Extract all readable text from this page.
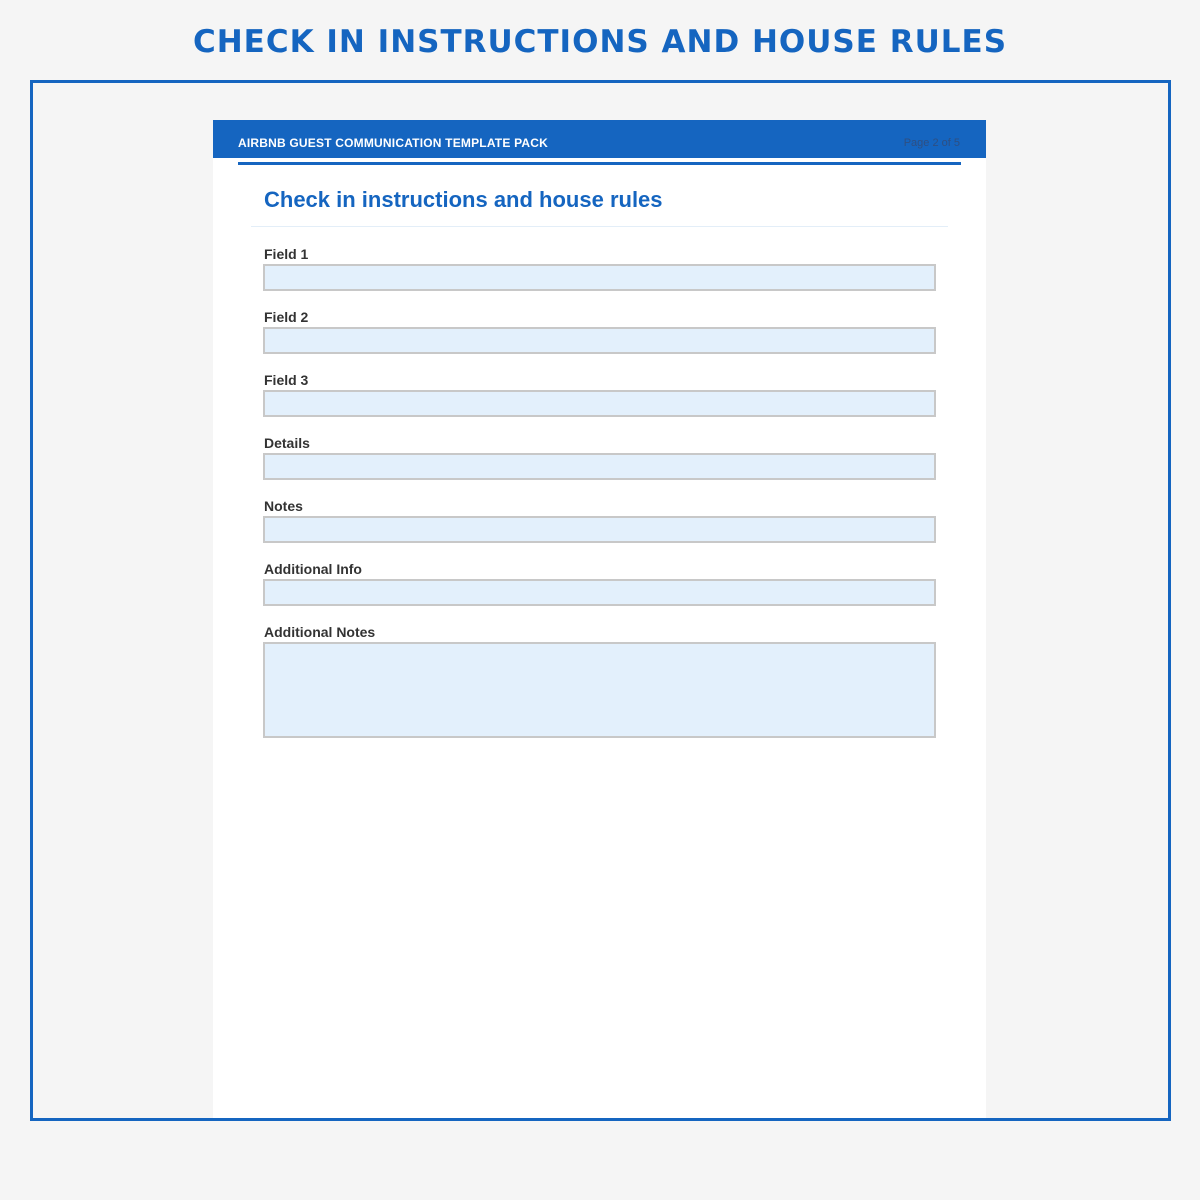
CHECK IN INSTRUCTIONS AND HOUSE RULES
AIRBNB GUEST COMMUNICATION TEMPLATE PACK	Page 2 of 5
Check in instructions and house rules
Field 1
Field 2
Field 3
Details
Notes
Additional Info
Additional Notes
